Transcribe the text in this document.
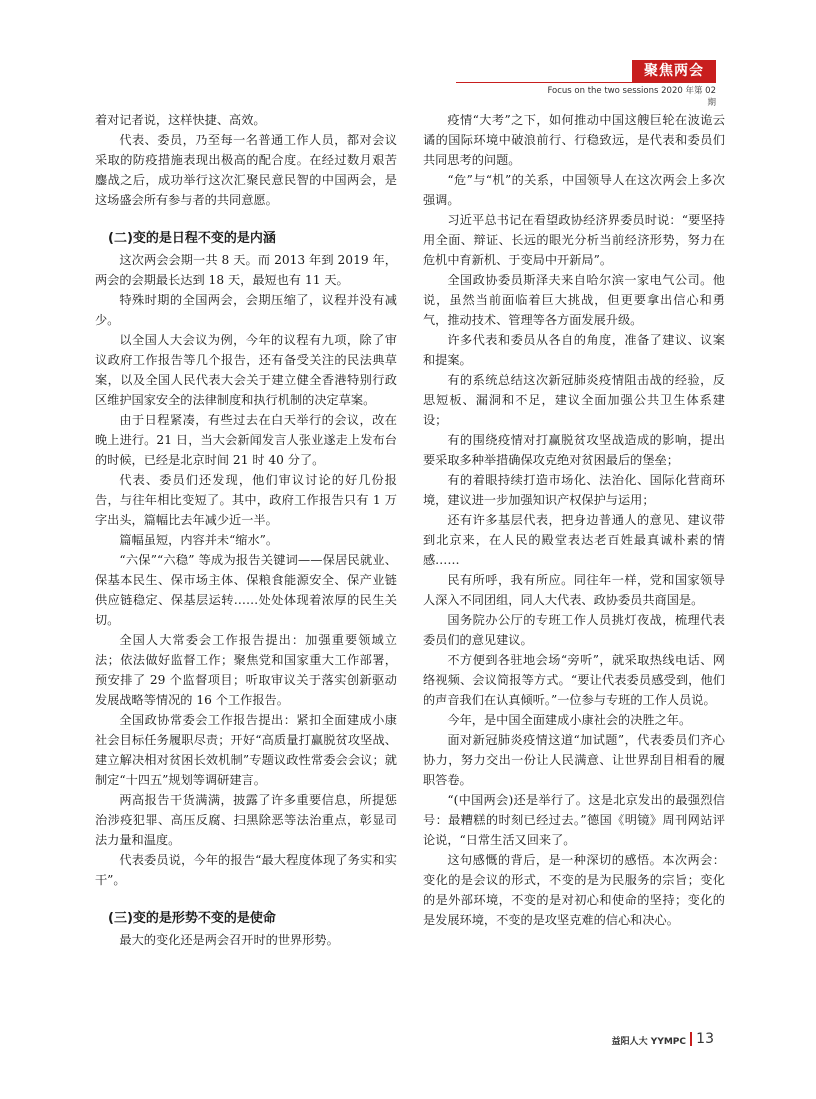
聚焦两会
Focus on the two sessions 2020 年第 02 期

着对记者说，这样快捷、高效。

代表、委员，乃至每一名普通工作人员，都对会议采取的防疫措施表现出极高的配合度。在经过数月艰苦鏖战之后，成功举行这次汇聚民意民智的中国两会，是这场盛会所有参与者的共同意愿。

(二)变的是日程不变的是内涵

这次两会会期一共 8 天。而 2013 年到 2019 年，两会的会期最长达到 18 天，最短也有 11 天。

特殊时期的全国两会，会期压缩了，议程并没有减少。

以全国人大会议为例，今年的议程有九项，除了审议政府工作报告等几个报告，还有备受关注的民法典草案，以及全国人民代表大会关于建立健全香港特别行政区维护国家安全的法律制度和执行机制的决定草案。

由于日程紧凑，有些过去在白天举行的会议，改在晚上进行。21 日，当大会新闻发言人张业遂走上发布台的时候，已经是北京时间 21 时 40 分了。

代表、委员们还发现，他们审议讨论的好几份报告，与往年相比变短了。其中，政府工作报告只有 1 万字出头，篇幅比去年减少近一半。

篇幅虽短，内容并未“缩水”。

“六保”“六稳” 等成为报告关键词——保居民就业、保基本民生、保市场主体、保粮食能源安全、保产业链供应链稳定、保基层运转……处处体现着浓厚的民生关切。

全国人大常委会工作报告提出：加强重要领域立法；依法做好监督工作；聚焦党和国家重大工作部署，预安排了 29 个监督项目；听取审议关于落实创新驱动发展战略等情况的 16 个工作报告。

全国政协常委会工作报告提出：紧扣全面建成小康社会目标任务履职尽责；开好“高质量打赢脱贫攻坚战、建立解决相对贫困长效机制”专题议政性常委会会议；就制定“十四五”规划等调研建言。

两高报告干货满满，披露了许多重要信息，所提惩治涉疫犯罪、高压反腐、扫黑除恶等法治重点，彰显司法力量和温度。

代表委员说，今年的报告“最大程度体现了务实和实干”。

(三)变的是形势不变的是使命

最大的变化还是两会召开时的世界形势。

疫情“大考”之下，如何推动中国这艘巨轮在波诡云谲的国际环境中破浪前行、行稳致远，是代表和委员们共同思考的问题。

“危”与“机”的关系，中国领导人在这次两会上多次强调。

习近平总书记在看望政协经济界委员时说：“要坚持用全面、辩证、长远的眼光分析当前经济形势，努力在危机中育新机、于变局中开新局”。

全国政协委员斯泽夫来自哈尔滨一家电气公司。他说，虽然当前面临着巨大挑战，但更要拿出信心和勇气，推动技术、管理等各方面发展升级。

许多代表和委员从各自的角度，准备了建议、议案和提案。

有的系统总结这次新冠肺炎疫情阻击战的经验，反思短板、漏洞和不足，建议全面加强公共卫生体系建设；

有的围绕疫情对打赢脱贫攻坚战造成的影响，提出要采取多种举措确保攻克绝对贫困最后的堡垒；

有的着眼持续打造市场化、法治化、国际化营商环境，建议进一步加强知识产权保护与运用；

还有许多基层代表，把身边普通人的意见、建议带到北京来，在人民的殿堂表达老百姓最真诚朴素的情感……

民有所呼，我有所应。同往年一样，党和国家领导人深入不同团组，同人大代表、政协委员共商国是。

国务院办公厅的专班工作人员挑灯夜战，梳理代表委员们的意见建议。

不方便到各驻地会场“旁听”，就采取热线电话、网络视频、会议简报等方式。“要让代表委员感受到，他们的声音我们在认真倾听。”一位参与专班的工作人员说。

今年，是中国全面建成小康社会的决胜之年。

面对新冠肺炎疫情这道“加试题”，代表委员们齐心协力，努力交出一份让人民满意、让世界刮目相看的履职答卷。

“(中国两会)还是举行了。这是北京发出的最强烈信号：最糟糕的时刻已经过去。”德国《明镜》周刊网站评论说，“日常生活又回来了。

这句感慨的背后，是一种深切的感悟。本次两会：变化的是会议的形式，不变的是为民服务的宗旨；变化的是外部环境，不变的是对初心和使命的坚持；变化的是发展环境，不变的是攻坚克难的信心和决心。

益阳人大 YYMPC 13
